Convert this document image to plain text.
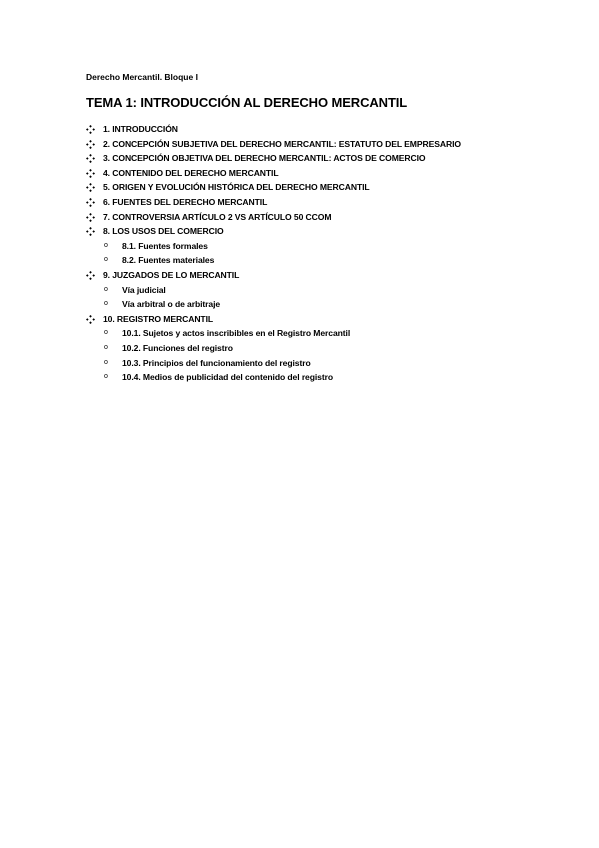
Derecho Mercantil. Bloque I
TEMA 1: INTRODUCCIÓN AL DERECHO MERCANTIL
1. INTRODUCCIÓN
2. CONCEPCIÓN SUBJETIVA DEL DERECHO MERCANTIL: ESTATUTO DEL EMPRESARIO
3. CONCEPCIÓN OBJETIVA DEL DERECHO MERCANTIL: ACTOS DE COMERCIO
4. CONTENIDO DEL DERECHO MERCANTIL
5. ORIGEN Y EVOLUCIÓN HISTÓRICA DEL DERECHO MERCANTIL
6. FUENTES DEL DERECHO MERCANTIL
7. CONTROVERSIA ARTÍCULO 2 VS ARTÍCULO 50 CCOM
8. LOS USOS DEL COMERCIO
o 8.1. Fuentes formales
o 8.2. Fuentes materiales
9. JUZGADOS DE LO MERCANTIL
o Vía judicial
o Vía arbitral o de arbitraje
10. REGISTRO MERCANTIL
o 10.1. Sujetos y actos inscribibles en el Registro Mercantil
o 10.2. Funciones del registro
o 10.3. Principios del funcionamiento del registro
o 10.4. Medios de publicidad del contenido del registro
